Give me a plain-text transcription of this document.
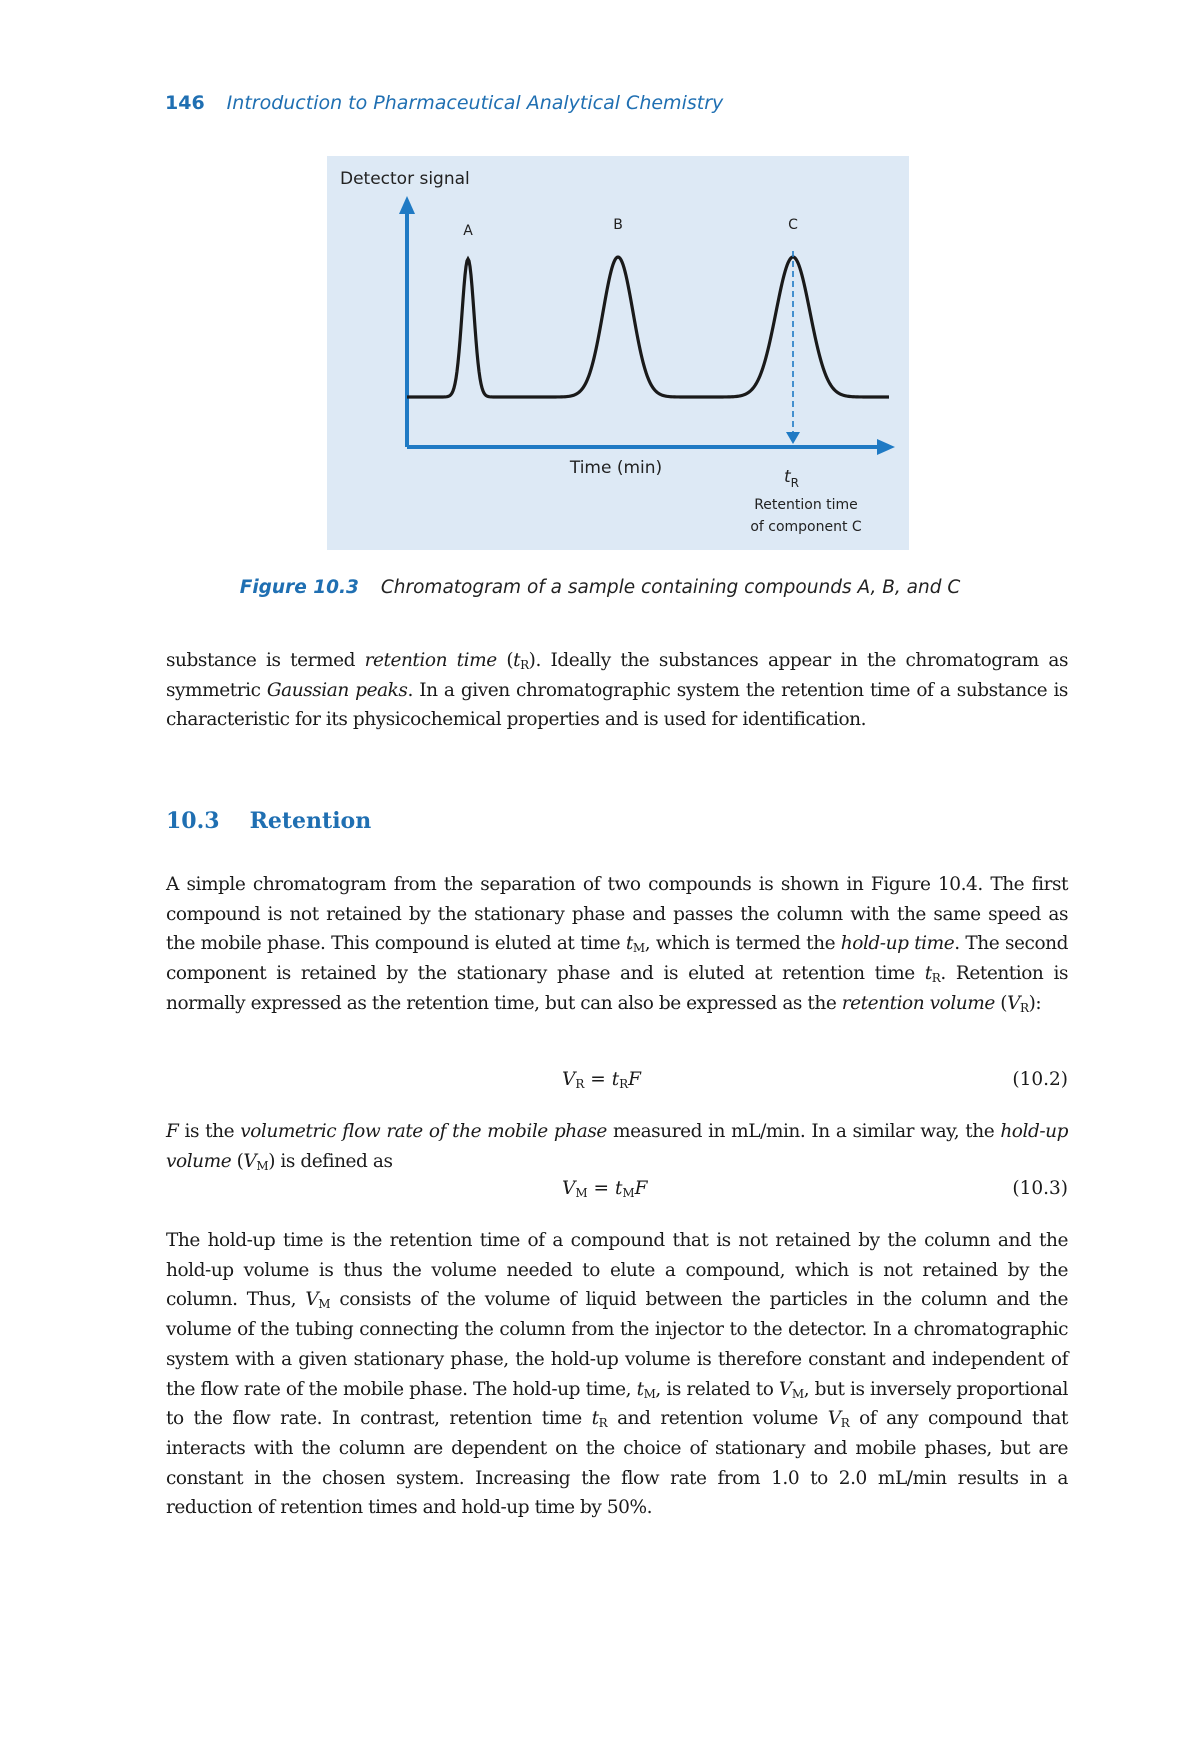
146 Introduction to Pharmaceutical Analytical Chemistry
Detector signal
A	B	C
Time (min)	$t_R$
Retention time
of component C
Figure 10.3 Chromatogram of a sample containing compounds A, B, and C
substance is termed retention time $(t_R)$. Ideally the substances appear in the chromatogram as symmetric Gaussian peaks. In a given chromatographic system the retention time of a substance is characteristic for its physicochemical properties and is used for identification.
10.3 Retention
A simple chromatogram from the separation of two compounds is shown in Figure 10.4. The first compound is not retained by the stationary phase and passes the column with the same speed as the mobile phase. This compound is eluted at time $t_M$, which is termed the hold-up time. The second component is retained by the stationary phase and is eluted at retention time $t_R$. Retention is normally expressed as the retention time, but can also be expressed as the retention volume $(V_R)$:
$V_R = t_RF$	(10.2)
F is the volumetric flow rate of the mobile phase measured in mL/min. In a similar way, the hold-up volume $(V_M)$ is defined as
$V_M = t_MF$	(10.3)
The hold-up time is the retention time of a compound that is not retained by the column and the hold-up volume is thus the volume needed to elute a compound, which is not retained by the column. Thus, $V_M$ consists of the volume of liquid between the particles in the column and the volume of the tubing connecting the column from the injector to the detector. In a chromatographic system with a given stationary phase, the hold-up volume is therefore constant and independent of the flow rate of the mobile phase. The hold-up time, $t_M$, is related to $V_M$, but is inversely proportional to the flow rate. In contrast, retention time $t_R$ and retention volume $V_R$ of any compound that interacts with the column are dependent on the choice of stationary and mobile phases, but are constant in the chosen system. Increasing the flow rate from 1.0 to 2.0 mL/min results in a reduction of retention times and hold-up time by 50%.
